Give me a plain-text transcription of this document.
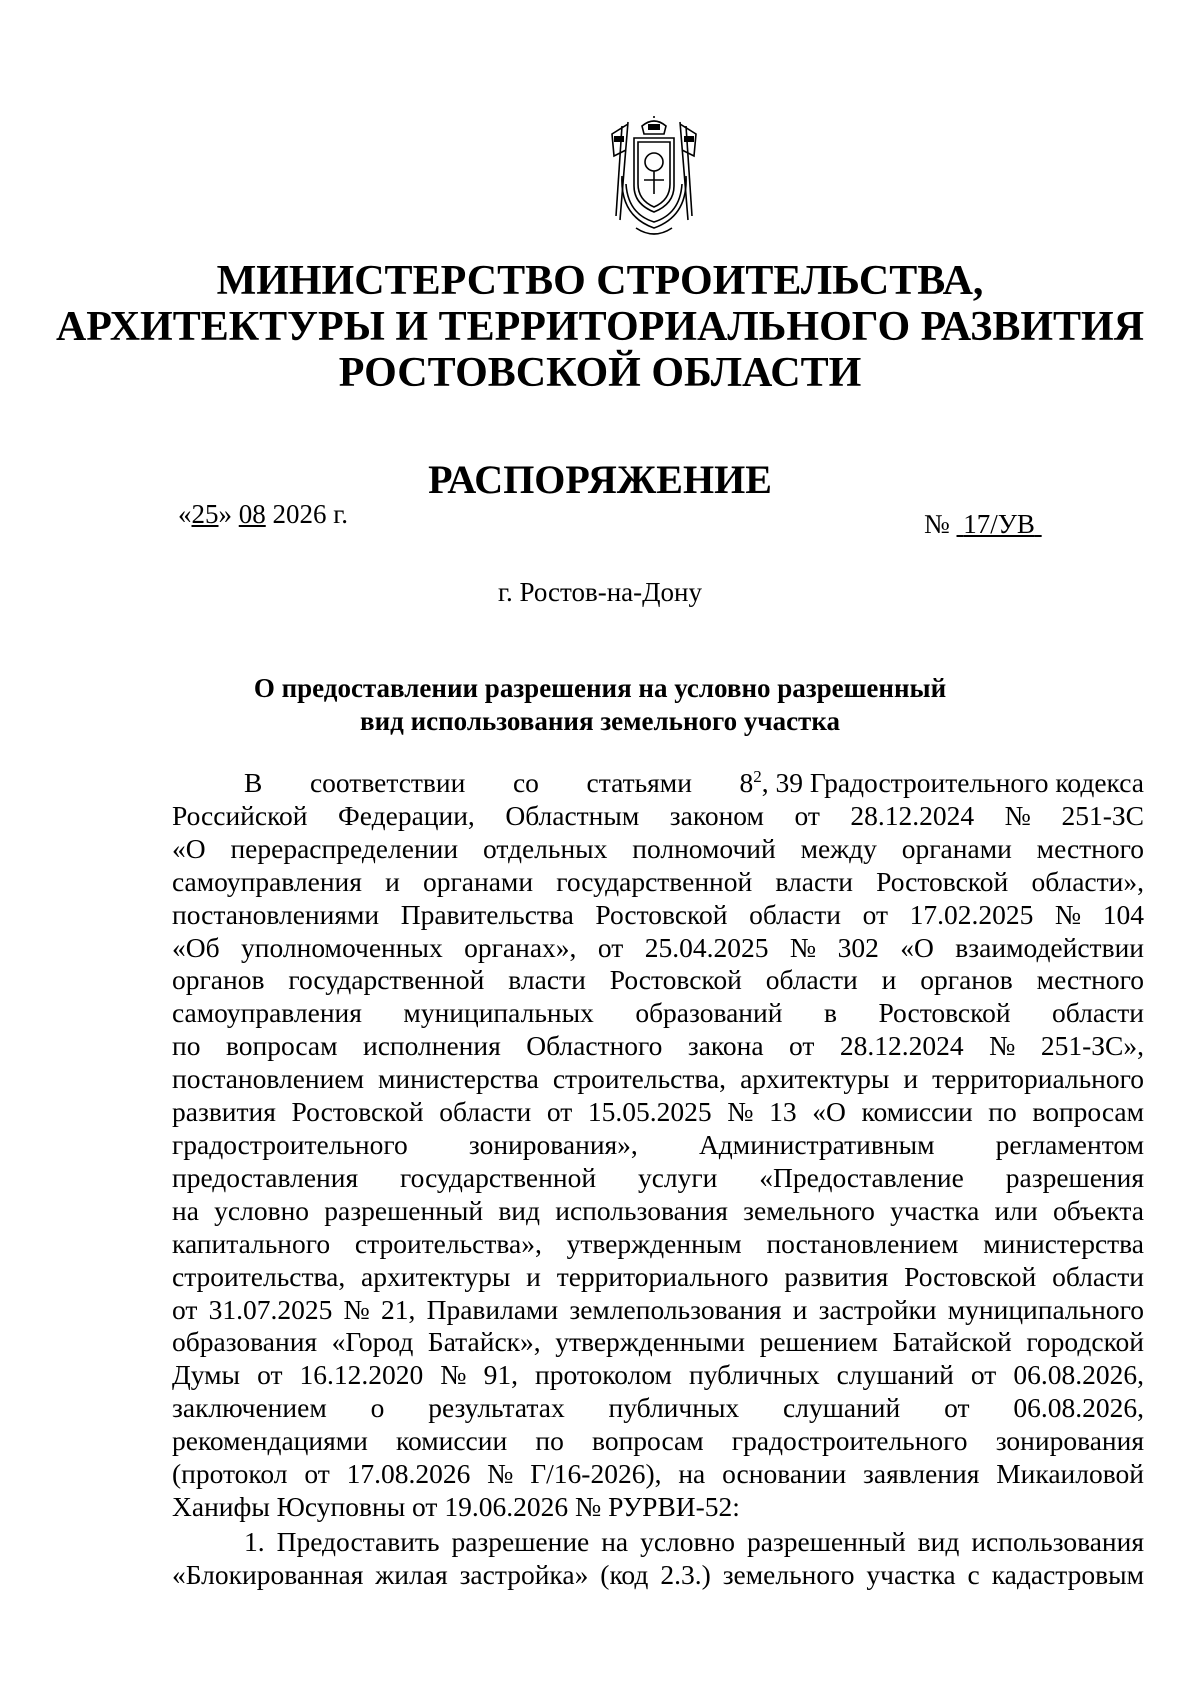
МИНИСТЕРСТВО СТРОИТЕЛЬСТВА,
АРХИТЕКТУРЫ И ТЕРРИТОРИАЛЬНОГО РАЗВИТИЯ
РОСТОВСКОЙ ОБЛАСТИ
РАСПОРЯЖЕНИЕ
«25» 08 2026 г.	№ 17/УВ
г. Ростов-на-Дону
О предоставлении разрешения на условно разрешенный
вид использования земельного участка
В соответствии со статьями $8^2$, 39 Градостроительного кодекса
Российской Федерации, Областным законом от 28.12.2024 № 251-ЗС
«О перераспределении отдельных полномочий между органами местного
самоуправления и органами государственной власти Ростовской области»,
постановлениями Правительства Ростовской области от 17.02.2025 № 104
«Об уполномоченных органах», от 25.04.2025 № 302 «О взаимодействии
органов государственной власти Ростовской области и органов местного
самоуправления муниципальных образований в Ростовской области
по вопросам исполнения Областного закона от 28.12.2024 № 251-ЗС»,
постановлением министерства строительства, архитектуры и территориального
развития Ростовской области от 15.05.2025 № 13 «О комиссии по вопросам
градостроительного зонирования», Административным регламентом
предоставления государственной услуги «Предоставление разрешения
на условно разрешенный вид использования земельного участка или объекта
капитального строительства», утвержденным постановлением министерства
строительства, архитектуры и территориального развития Ростовской области
от 31.07.2025 № 21, Правилами землепользования и застройки муниципального
образования «Город Батайск», утвержденными решением Батайской городской
Думы от 16.12.2020 № 91, протоколом публичных слушаний от 06.08.2026,
заключением о результатах публичных слушаний от 06.08.2026,
рекомендациями комиссии по вопросам градостроительного зонирования
(протокол от 17.08.2026 № Г/16-2026), на основании заявления Микаиловой
Ханифы Юсуповны от 19.06.2026 № РУРВИ-52:
1. Предоставить разрешение на условно разрешенный вид использования
«Блокированная жилая застройка» (код 2.3.) земельного участка с кадастровым
